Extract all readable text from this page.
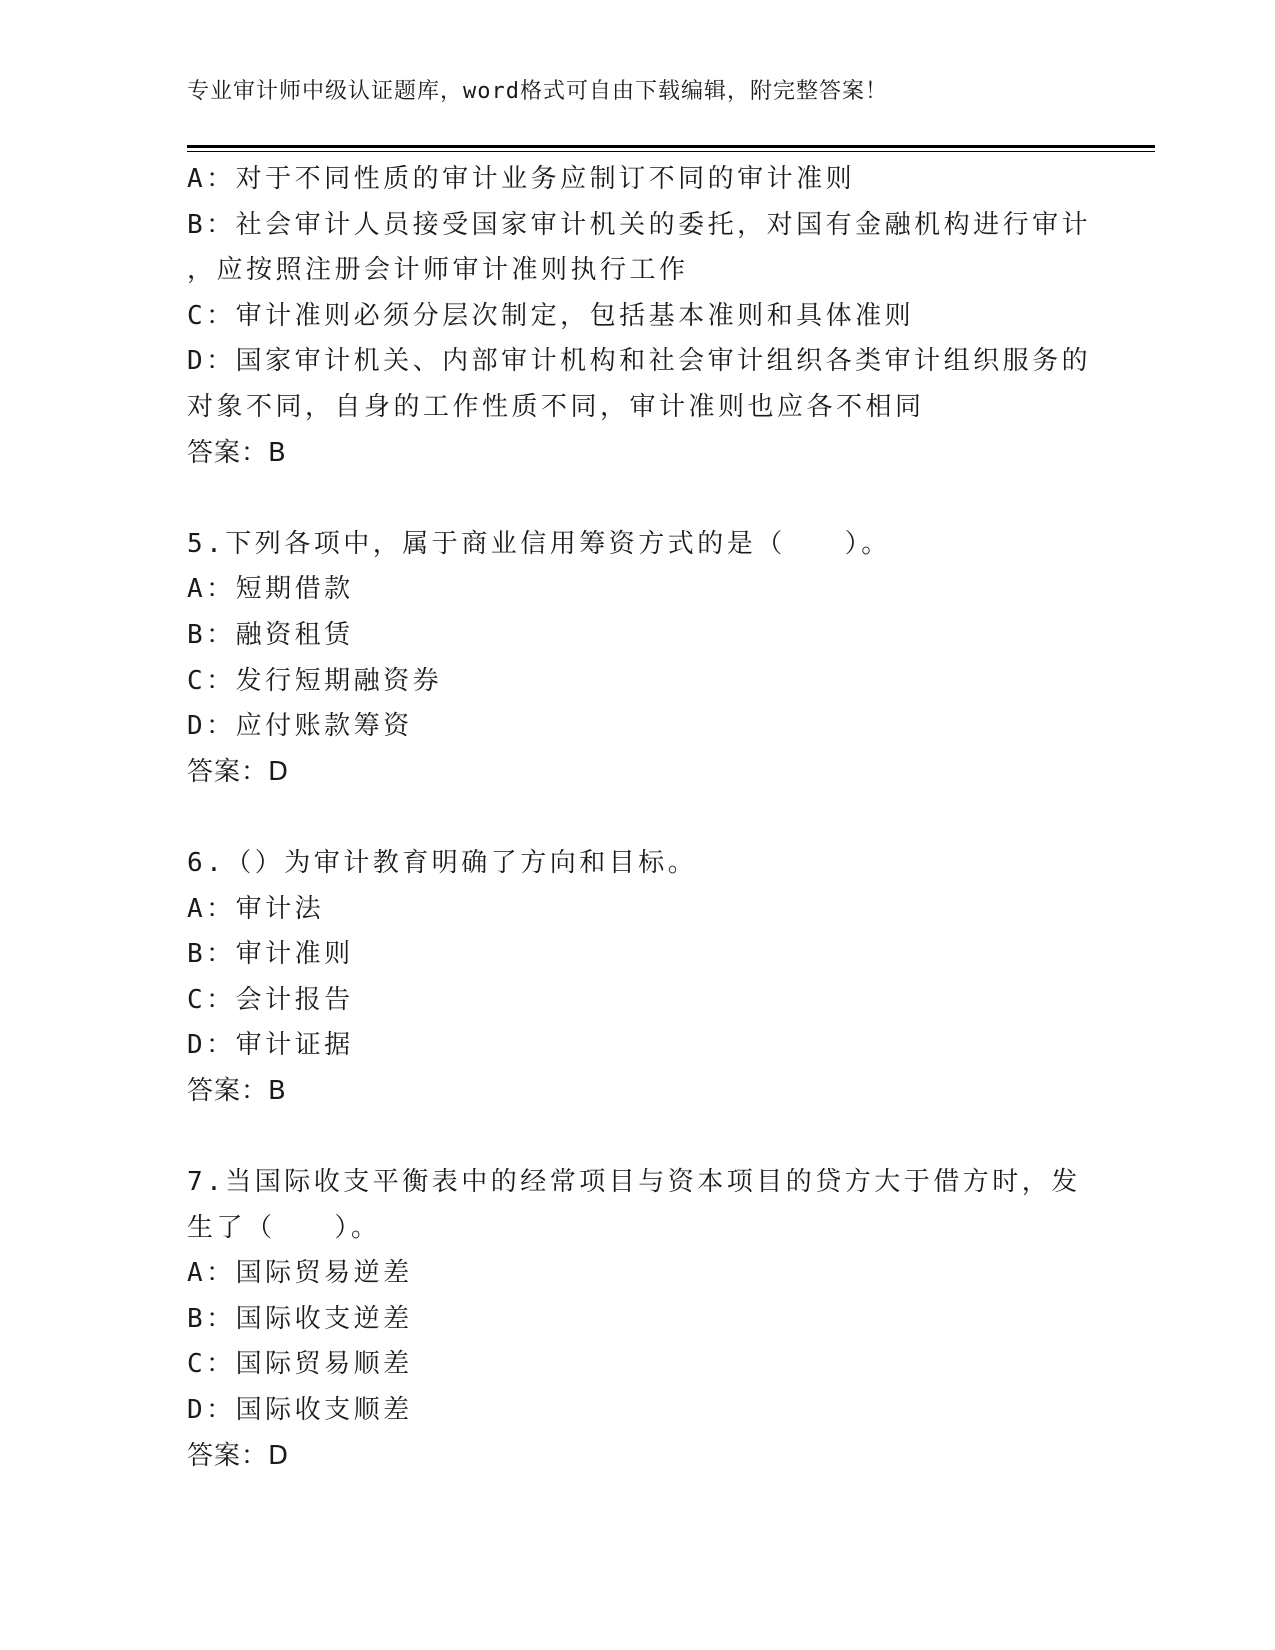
专业审计师中级认证题库，word格式可自由下载编辑，附完整答案！
A：对于不同性质的审计业务应制订不同的审计准则
B：社会审计人员接受国家审计机关的委托，对国有金融机构进行审计
，应按照注册会计师审计准则执行工作
C：审计准则必须分层次制定，包括基本准则和具体准则
D：国家审计机关、内部审计机构和社会审计组织各类审计组织服务的
对象不同，自身的工作性质不同，审计准则也应各不相同
答案：B
5.下列各项中，属于商业信用筹资方式的是（　　）。
A：短期借款
B：融资租赁
C：发行短期融资券
D：应付账款筹资
答案：D
6.（）为审计教育明确了方向和目标。
A：审计法
B：审计准则
C：会计报告
D：审计证据
答案：B
7.当国际收支平衡表中的经常项目与资本项目的贷方大于借方时，发
生了（　　）。
A：国际贸易逆差
B：国际收支逆差
C：国际贸易顺差
D：国际收支顺差
答案：D
